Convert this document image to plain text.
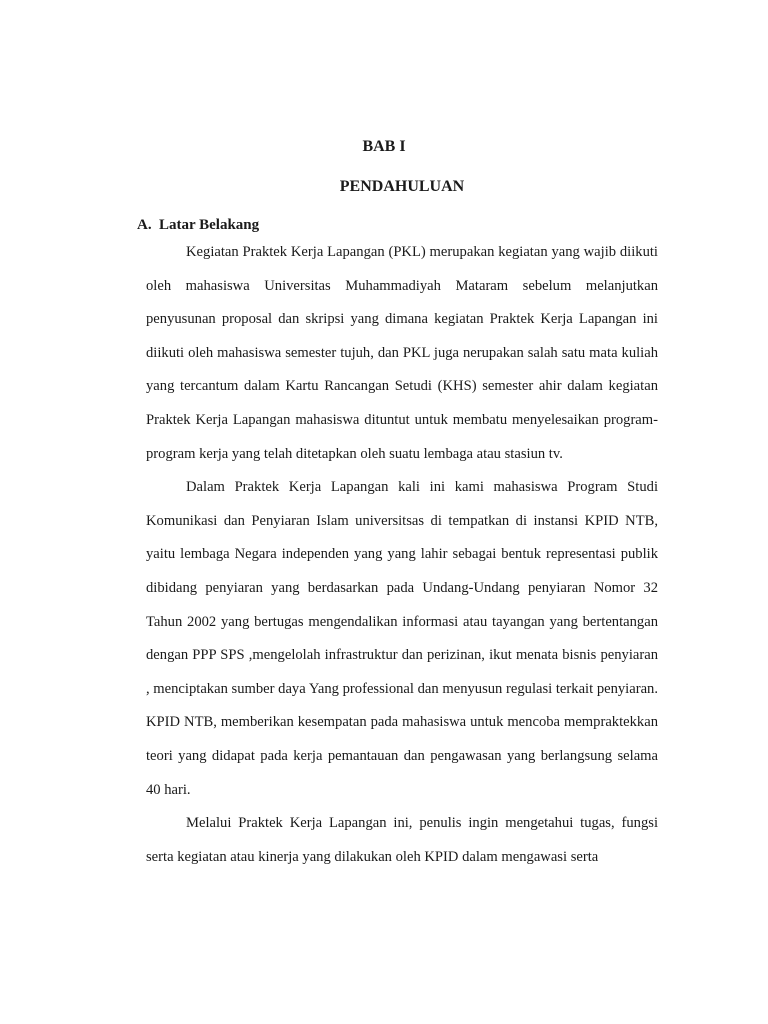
BAB I
PENDAHULUAN
A. Latar Belakang

Kegiatan Praktek Kerja Lapangan (PKL) merupakan kegiatan yang wajib diikuti oleh mahasiswa Universitas Muhammadiyah Mataram sebelum melanjutkan penyusunan proposal dan skripsi yang dimana kegiatan Praktek Kerja Lapangan ini diikuti oleh mahasiswa semester tujuh, dan PKL juga nerupakan salah satu mata kuliah yang tercantum dalam Kartu Rancangan Setudi (KHS) semester ahir dalam kegiatan Praktek Kerja Lapangan mahasiswa dituntut untuk membatu menyelesaikan program-program kerja yang telah ditetapkan oleh suatu lembaga atau stasiun tv.

Dalam Praktek Kerja Lapangan kali ini kami mahasiswa Program Studi Komunikasi dan Penyiaran Islam universitsas di tempatkan di instansi KPID NTB, yaitu lembaga Negara independen yang yang lahir sebagai bentuk representasi publik dibidang penyiaran yang berdasarkan pada Undang-Undang penyiaran Nomor 32 Tahun 2002 yang bertugas mengendalikan informasi atau tayangan yang bertentangan dengan PPP SPS ,mengelolah infrastruktur dan perizinan, ikut menata bisnis penyiaran , menciptakan sumber daya Yang professional dan menyusun regulasi terkait penyiaran. KPID NTB, memberikan kesempatan pada mahasiswa untuk mencoba mempraktekkan teori yang didapat pada kerja pemantauan dan pengawasan yang berlangsung selama 40 hari.

Melalui Praktek Kerja Lapangan ini, penulis ingin mengetahui tugas, fungsi serta kegiatan atau kinerja yang dilakukan oleh KPID dalam mengawasi serta
